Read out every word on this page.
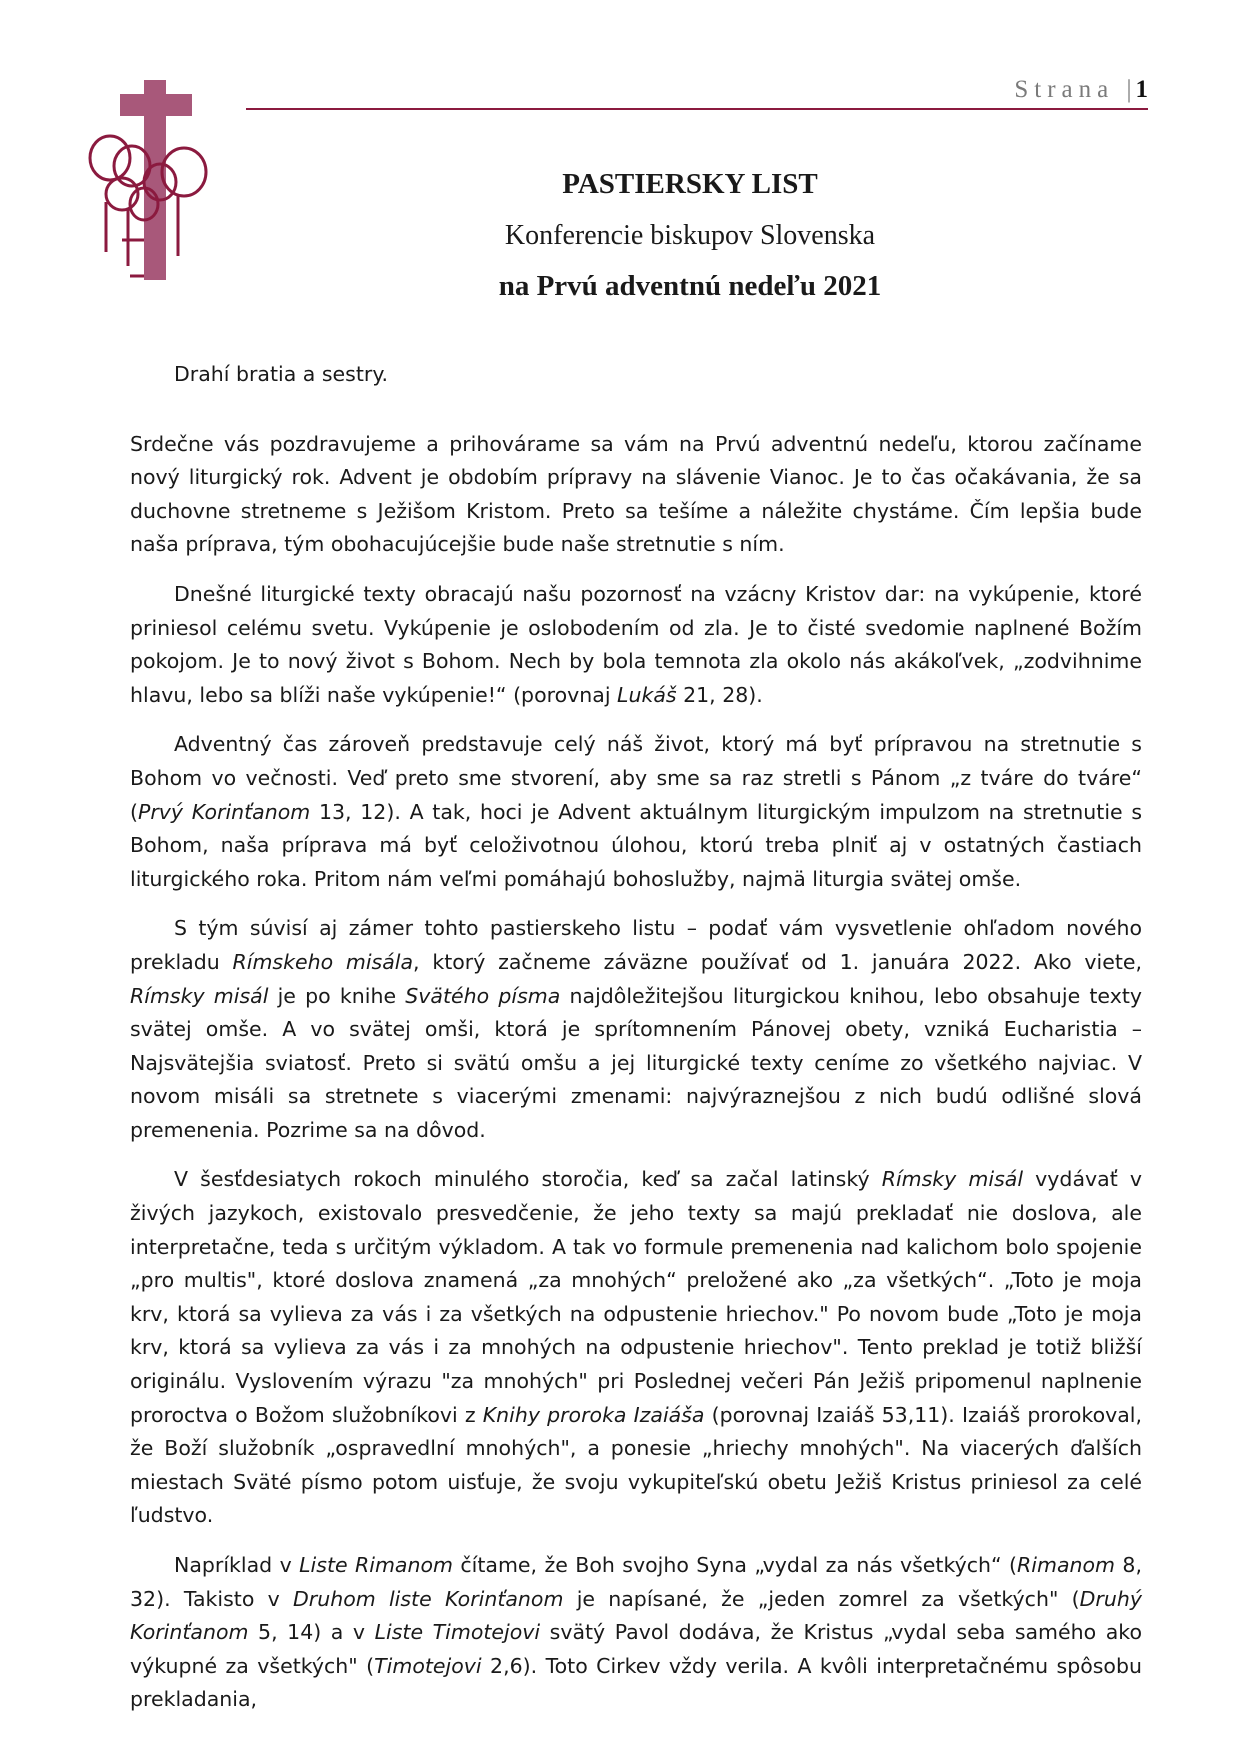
Strana | 1

PASTIERSKY LIST

Konferencie biskupov Slovenska

na Prvú adventnú nedeľu 2021

Drahí bratia a sestry.

Srdečne vás pozdravujeme a prihovárame sa vám na Prvú adventnú nedeľu, ktorou začíname nový liturgický rok. Advent je obdobím prípravy na slávenie Vianoc. Je to čas očakávania, že sa duchovne stretneme s Ježišom Kristom. Preto sa tešíme a náležite chystáme. Čím lepšia bude naša príprava, tým obohacujúcejšie bude naše stretnutie s ním.

Dnešné liturgické texty obracajú našu pozornosť na vzácny Kristov dar: na vykúpenie, ktoré priniesol celému svetu. Vykúpenie je oslobodením od zla. Je to čisté svedomie naplnené Božím pokojom. Je to nový život s Bohom. Nech by bola temnota zla okolo nás akákoľvek, „zodvihnime hlavu, lebo sa blíži naše vykúpenie!“ (porovnaj Lukáš 21, 28).

Adventný čas zároveň predstavuje celý náš život, ktorý má byť prípravou na stretnutie s Bohom vo večnosti. Veď preto sme stvorení, aby sme sa raz stretli s Pánom „z tváre do tváre“ (Prvý Korinťanom 13, 12). A tak, hoci je Advent aktuálnym liturgickým impulzom na stretnutie s Bohom, naša príprava má byť celoživotnou úlohou, ktorú treba plniť aj v ostatných častiach liturgického roka. Pritom nám veľmi pomáhajú bohoslužby, najmä liturgia svätej omše.

S tým súvisí aj zámer tohto pastierskeho listu – podať vám vysvetlenie ohľadom nového prekladu Rímskeho misála, ktorý začneme záväzne používať od 1. januára 2022. Ako viete, Rímsky misál je po knihe Svätého písma najdôležitejšou liturgickou knihou, lebo obsahuje texty svätej omše. A vo svätej omši, ktorá je sprítomnením Pánovej obety, vzniká Eucharistia – Najsvätejšia sviatosť. Preto si svätú omšu a jej liturgické texty ceníme zo všetkého najviac. V novom misáli sa stretnete s viacerými zmenami: najvýraznejšou z nich budú odlišné slová premenenia. Pozrime sa na dôvod.

V šesťdesiatych rokoch minulého storočia, keď sa začal latinský Rímsky misál vydávať v živých jazykoch, existovalo presvedčenie, že jeho texty sa majú prekladať nie doslova, ale interpretačne, teda s určitým výkladom. A tak vo formule premenenia nad kalichom bolo spojenie „pro multis", ktoré doslova znamená „za mnohých“ preložené ako „za všetkých“. „Toto je moja krv, ktorá sa vylieva za vás i za všetkých na odpustenie hriechov." Po novom bude „Toto je moja krv, ktorá sa vylieva za vás i za mnohých na odpustenie hriechov". Tento preklad je totiž bližší originálu. Vyslovením výrazu "za mnohých" pri Poslednej večeri Pán Ježiš pripomenul naplnenie proroctva o Božom služobníkovi z Knihy proroka Izaiáša (porovnaj Izaiáš 53,11). Izaiáš prorokoval, že Boží služobník „ospravedlní mnohých", a ponesie „hriechy mnohých". Na viacerých ďalších miestach Sväté písmo potom uisťuje, že svoju vykupiteľskú obetu Ježiš Kristus priniesol za celé ľudstvo.

Napríklad v Liste Rimanom čítame, že Boh svojho Syna „vydal za nás všetkých“ (Rimanom 8, 32). Takisto v Druhom liste Korinťanom je napísané, že „jeden zomrel za všetkých" (Druhý Korinťanom 5, 14) a v Liste Timotejovi svätý Pavol dodáva, že Kristus „vydal seba samého ako výkupné za všetkých" (Timotejovi 2,6). Toto Cirkev vždy verila. A kvôli interpretačnému spôsobu prekladania,
